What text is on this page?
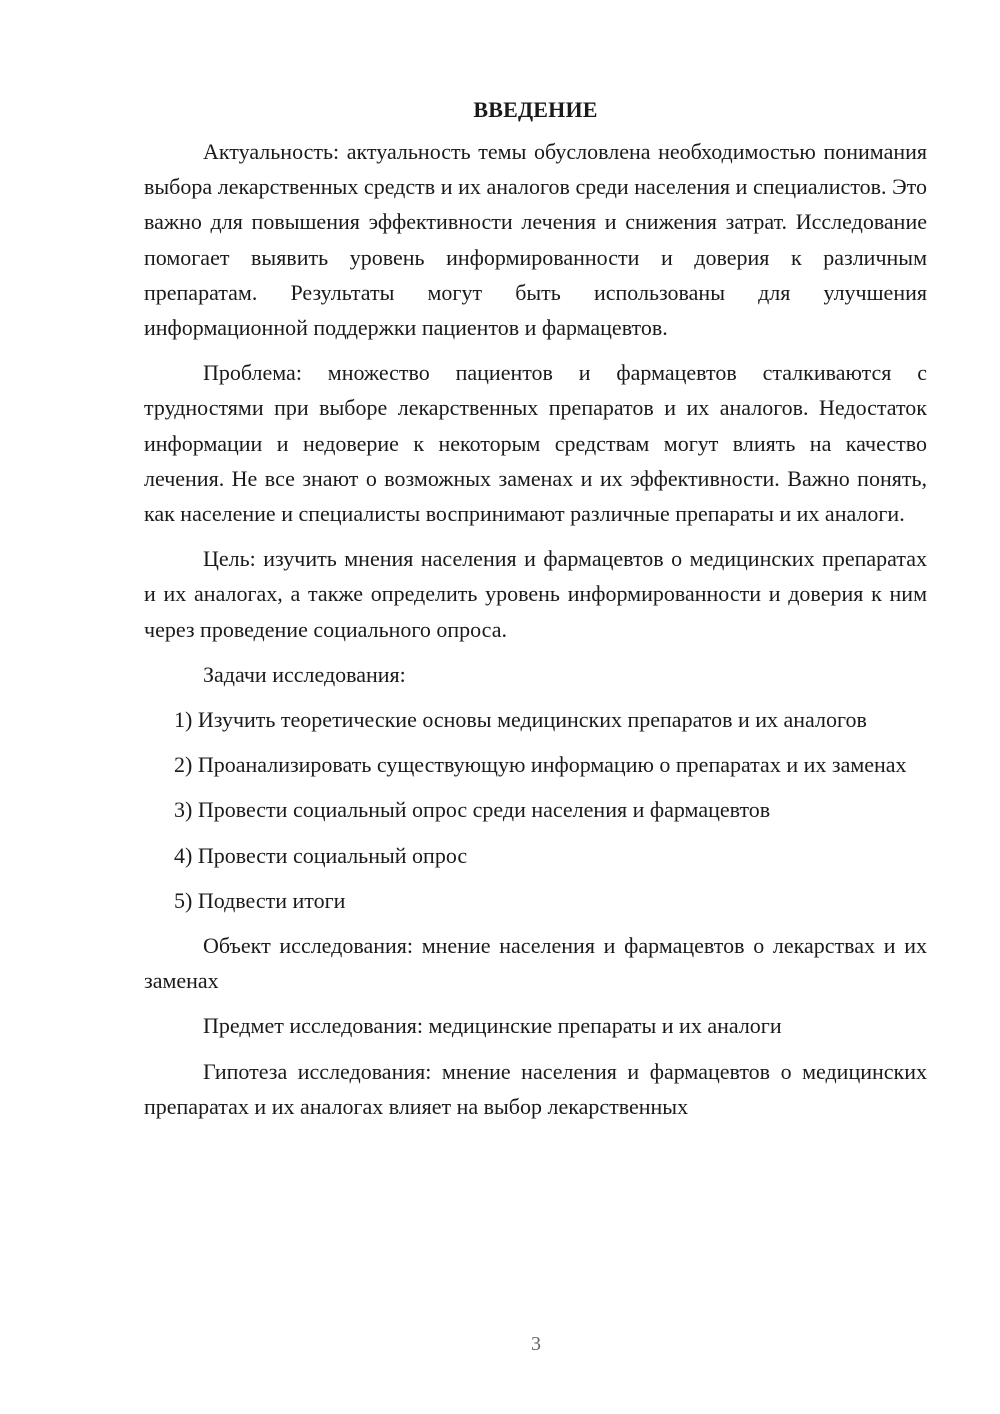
ВВЕДЕНИЕ

Актуальность: актуальность темы обусловлена необходимостью понимания выбора лекарственных средств и их аналогов среди населения и специалистов. Это важно для повышения эффективности лечения и снижения затрат. Исследование помогает выявить уровень информированности и доверия к различным препаратам. Результаты могут быть использованы для улучшения информационной поддержки пациентов и фармацевтов.

Проблема: множество пациентов и фармацевтов сталкиваются с трудностями при выборе лекарственных препаратов и их аналогов. Недостаток информации и недоверие к некоторым средствам могут влиять на качество лечения. Не все знают о возможных заменах и их эффективности. Важно понять, как население и специалисты воспринимают различные препараты и их аналоги.

Цель: изучить мнения населения и фармацевтов о медицинских препаратах и их аналогах, а также определить уровень информированности и доверия к ним через проведение социального опроса.

Задачи исследования:

1) Изучить теоретические основы медицинских препаратов и их аналогов

2) Проанализировать существующую информацию о препаратах и их заменах

3) Провести социальный опрос среди населения и фармацевтов

4) Провести социальный опрос

5) Подвести итоги

Объект исследования: мнение населения и фармацевтов о лекарствах и их заменах

Предмет исследования: медицинские препараты и их аналоги

Гипотеза исследования: мнение населения и фармацевтов о медицинских препаратах и их аналогах влияет на выбор лекарственных

3
